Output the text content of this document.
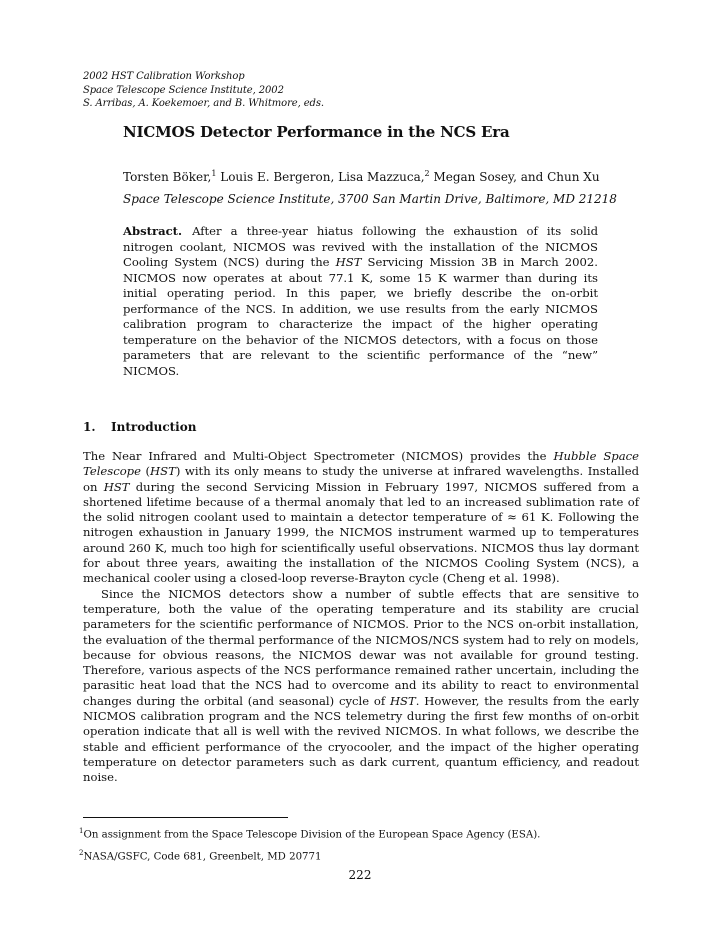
2002 HST Calibration Workshop
Space Telescope Science Institute, 2002
S. Arribas, A. Koekemoer, and B. Whitmore, eds.
NICMOS Detector Performance in the NCS Era
Torsten Böker,$^1$ Louis E. Bergeron, Lisa Mazzuca,$^2$ Megan Sosey, and Chun Xu
Space Telescope Science Institute, 3700 San Martin Drive, Baltimore, MD 21218
Abstract. After a three-year hiatus following the exhaustion of its solid nitrogen coolant, NICMOS was revived with the installation of the NICMOS Cooling System (NCS) during the HST Servicing Mission 3B in March 2002. NICMOS now operates at about 77.1 K, some 15 K warmer than during its initial operating period. In this paper, we briefly describe the on-orbit performance of the NCS. In addition, we use results from the early NICMOS calibration program to characterize the impact of the higher operating temperature on the behavior of the NICMOS detectors, with a focus on those parameters that are relevant to the scientific performance of the “new” NICMOS.
1. Introduction

The Near Infrared and Multi-Object Spectrometer (NICMOS) provides the Hubble Space Telescope (HST) with its only means to study the universe at infrared wavelengths. Installed on HST during the second Servicing Mission in February 1997, NICMOS suffered from a shortened lifetime because of a thermal anomaly that led to an increased sublimation rate of the solid nitrogen coolant used to maintain a detector temperature of ≈ 61 K. Following the nitrogen exhaustion in January 1999, the NICMOS instrument warmed up to temperatures around 260 K, much too high for scientifically useful observations. NICMOS thus lay dormant for about three years, awaiting the installation of the NICMOS Cooling System (NCS), a mechanical cooler using a closed-loop reverse-Brayton cycle (Cheng et al. 1998).

Since the NICMOS detectors show a number of subtle effects that are sensitive to temperature, both the value of the operating temperature and its stability are crucial parameters for the scientific performance of NICMOS. Prior to the NCS on-orbit installation, the evaluation of the thermal performance of the NICMOS/NCS system had to rely on models, because for obvious reasons, the NICMOS dewar was not available for ground testing. Therefore, various aspects of the NCS performance remained rather uncertain, including the parasitic heat load that the NCS had to overcome and its ability to react to environmental changes during the orbital (and seasonal) cycle of HST. However, the results from the early NICMOS calibration program and the NCS telemetry during the first few months of on-orbit operation indicate that all is well with the revived NICMOS. In what follows, we describe the stable and efficient performance of the cryocooler, and the impact of the higher operating temperature on detector parameters such as dark current, quantum efficiency, and readout noise.

$^1$On assignment from the Space Telescope Division of the European Space Agency (ESA).
$^2$NASA/GSFC, Code 681, Greenbelt, MD 20771
222
